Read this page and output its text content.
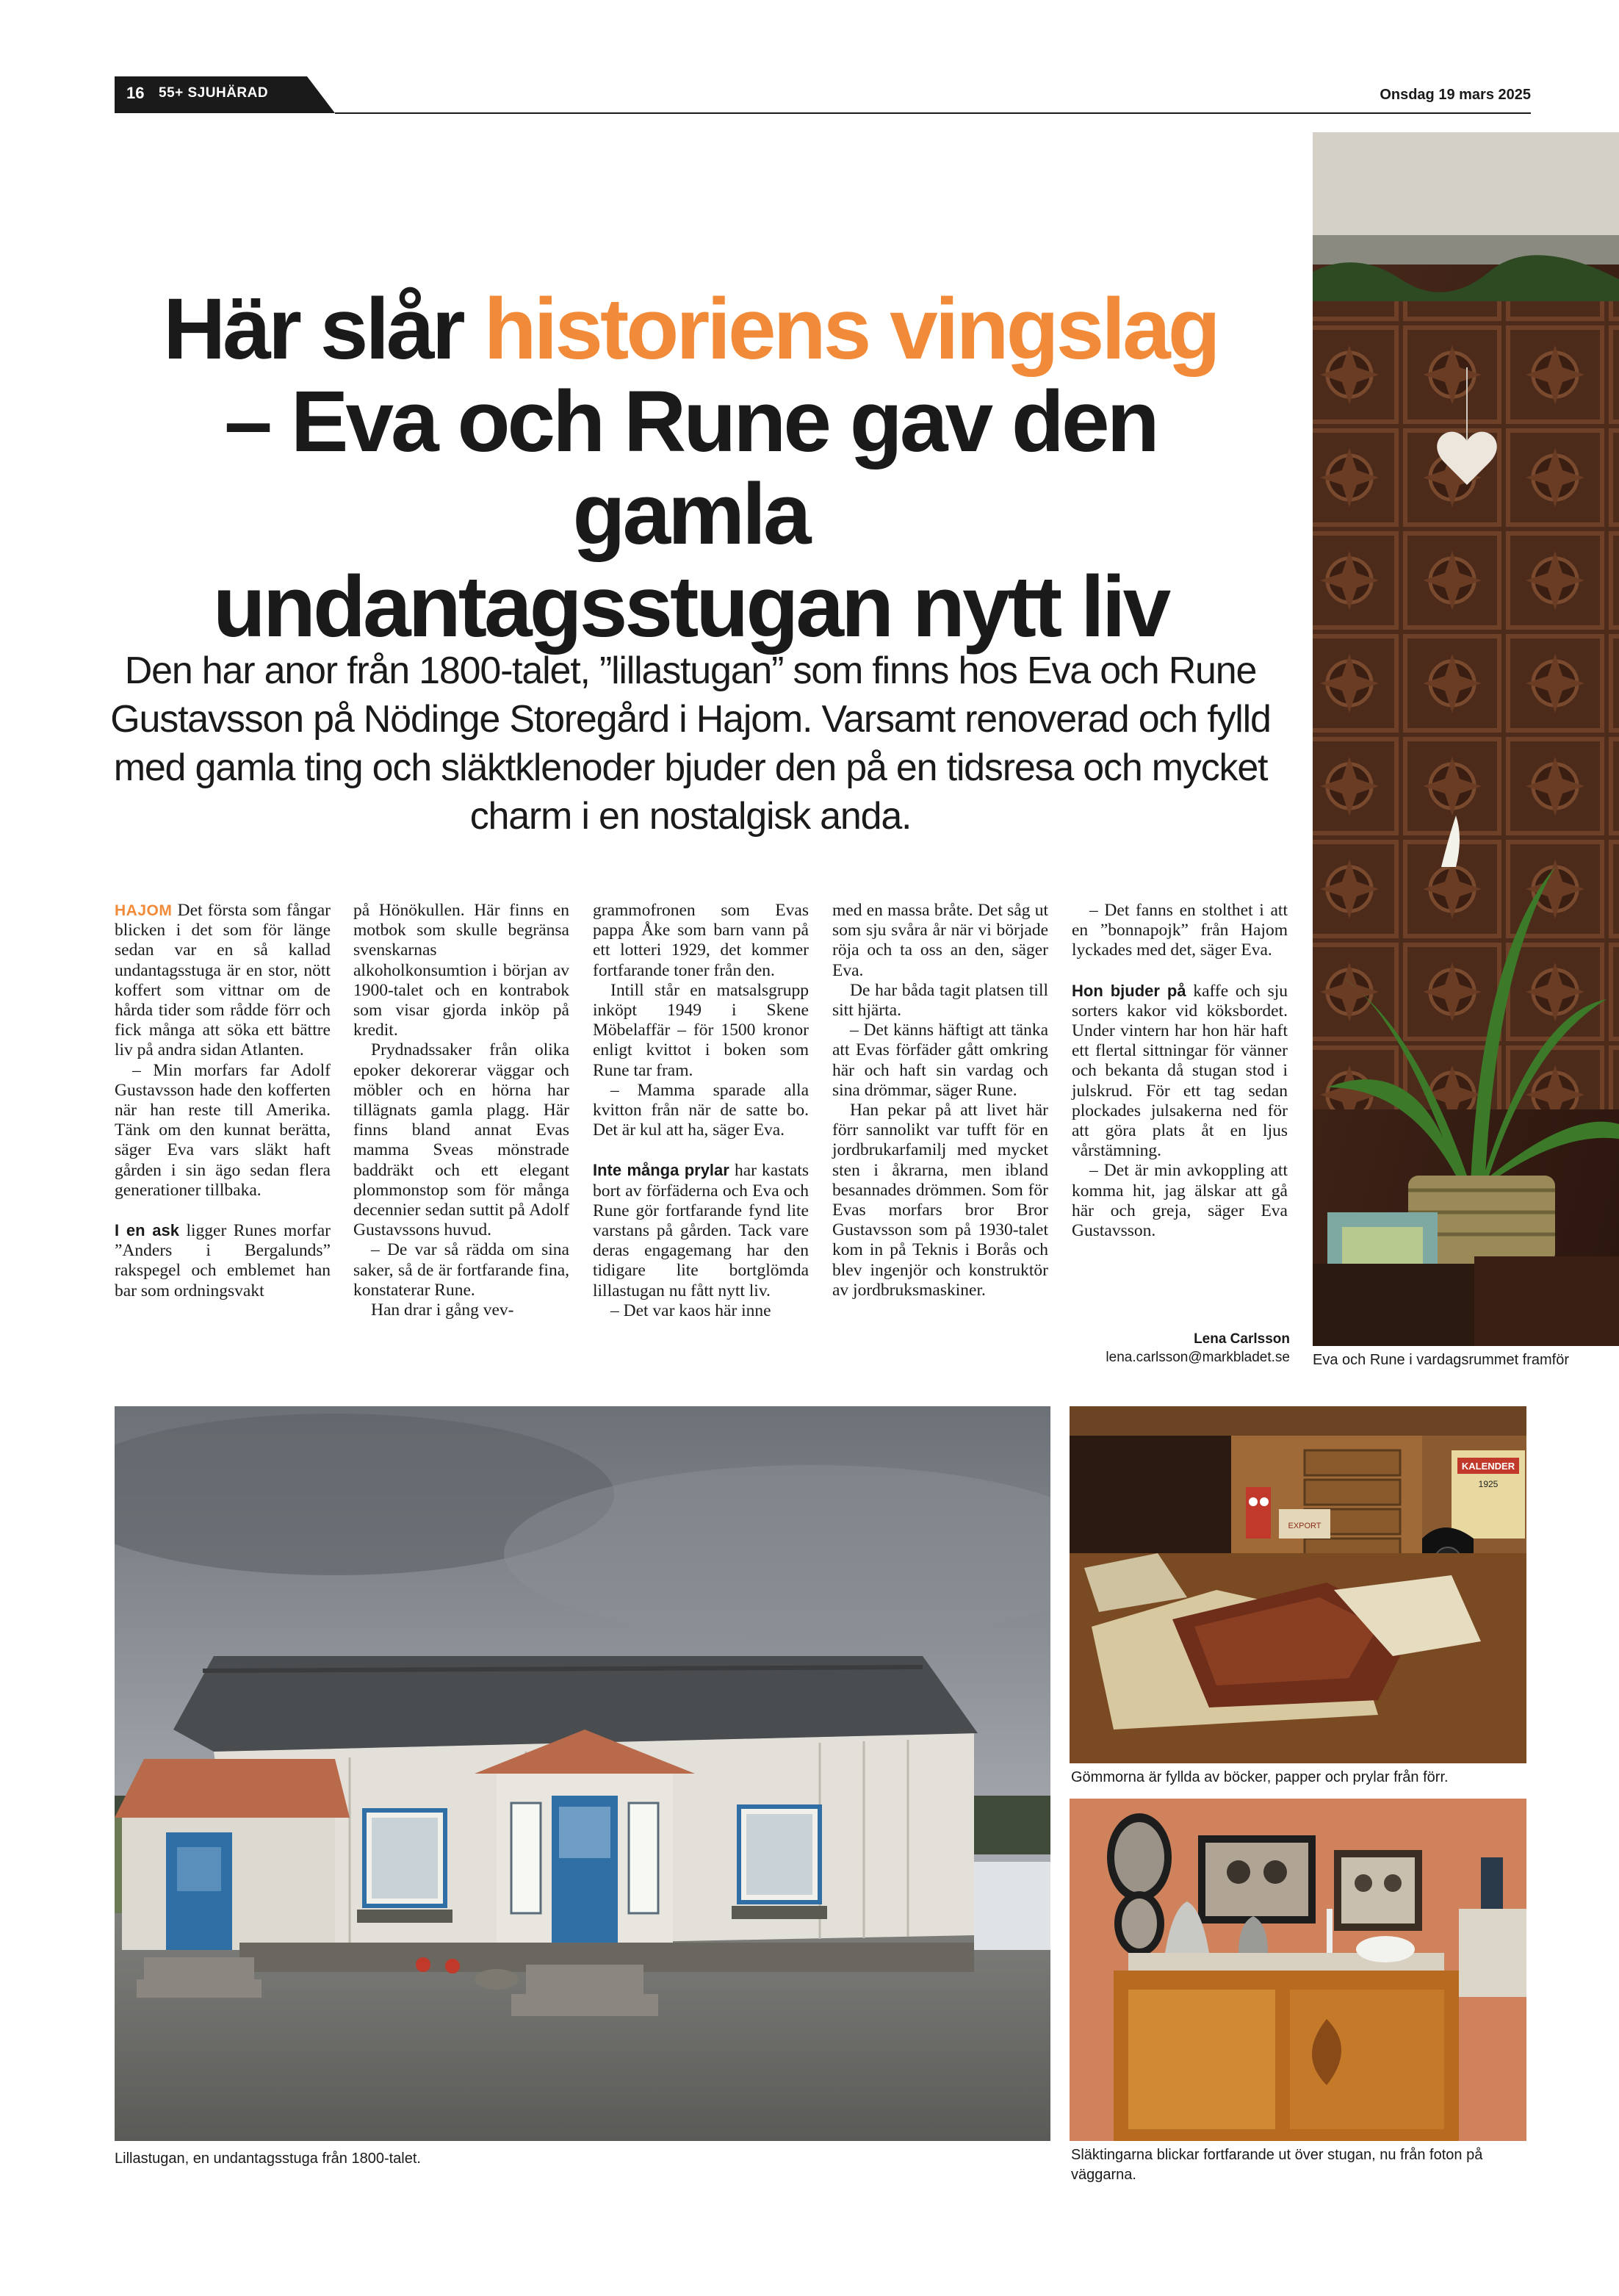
16 55+ SJUHÄRAD	Onsdag 19 mars 2025
Här slår historiens vingslag
– Eva och Rune gav den gamla
undantagsstugan nytt liv
Den har anor från 1800-talet, ”lillastugan” som finns hos Eva och Rune Gustavsson på Nödinge Storegård i Hajom. Varsamt renoverad och fylld med gamla ting och släktklenoder bjuder den på en tidsresa och mycket charm i en nostalgisk anda.

HAJOM Det första som fångar blicken i det som för länge sedan var en så kallad undantagsstuga är en stor, nött koffert som vittnar om de hårda tider som rådde förr och fick många att söka ett bättre liv på andra sidan Atlanten.

– Min morfars far Adolf Gustavsson hade den kofferten när han reste till Amerika. Tänk om den kunnat berätta, säger Eva vars släkt haft gården i sin ägo sedan flera generationer tillbaka.

I en ask ligger Runes morfar ”Anders i Bergalunds” rakspegel och emblemet han bar som ordningsvakt

på Hönökullen. Här finns en motbok som skulle begränsa svenskarnas alkoholkonsumtion i början av 1900-talet och en kontrabok som visar gjorda inköp på kredit.

Prydnadssaker från olika epoker dekorerar väggar och möbler och en hörna har tillägnats gamla plagg. Här finns bland annat Evas mamma Sveas mönstrade baddräkt och ett elegant plommonstop som för många decennier sedan suttit på Adolf Gustavssons huvud.

– De var så rädda om sina saker, så de är fortfarande fina, konstaterar Rune.

Han drar i gång vev-

grammofronen som Evas pappa Åke som barn vann på ett lotteri 1929, det kommer fortfarande toner från den.

Intill står en matsalsgrupp inköpt 1949 i Skene Möbelaffär – för 1500 kronor enligt kvittot i boken som Rune tar fram.

– Mamma sparade alla kvitton från när de satte bo. Det är kul att ha, säger Eva.

Inte många prylar har kastats bort av förfäderna och Eva och Rune gör fortfarande fynd lite varstans på gården. Tack vare deras engagemang har den tidigare lite bortglömda lillastugan nu fått nytt liv.

– Det var kaos här inne

med en massa bråte. Det såg ut som sju svåra år när vi började röja och ta oss an den, säger Eva.

De har båda tagit platsen till sitt hjärta.

– Det känns häftigt att tänka att Evas förfäder gått omkring här och haft sin vardag och sina drömmar, säger Rune.

Han pekar på att livet här förr sannolikt var tufft för en jordbrukarfamilj med mycket sten i åkrarna, men ibland besannades drömmen. Som för Evas morfars bror Bror Gustavsson som på 1930-talet kom in på Teknis i Borås och blev ingenjör och konstruktör av jordbruksmaskiner.

– Det fanns en stolthet i att en ”bonnapojk” från Hajom lyckades med det, säger Eva.

Hon bjuder på kaffe och sju sorters kakor vid köksbordet. Under vintern har hon här haft ett flertal sittningar för vänner och bekanta då stugan stod i julskrud. För ett tag sedan plockades julsakerna ned för att göra plats åt en ljus vårstämning.

– Det är min avkoppling att komma hit, jag älskar att gå här och greja, säger Eva Gustavsson.

Lena Carlsson
lena.carlsson@markbladet.se Eva och Rune i vardagsrummet framför
Lillastugan, en undantagsstuga från 1800-talet.
KALENDER
1925
EXPORT
Gömmorna är fyllda av böcker, papper och prylar från förr.
Släktingarna blickar fortfarande ut över stugan, nu från foton på väggarna.
